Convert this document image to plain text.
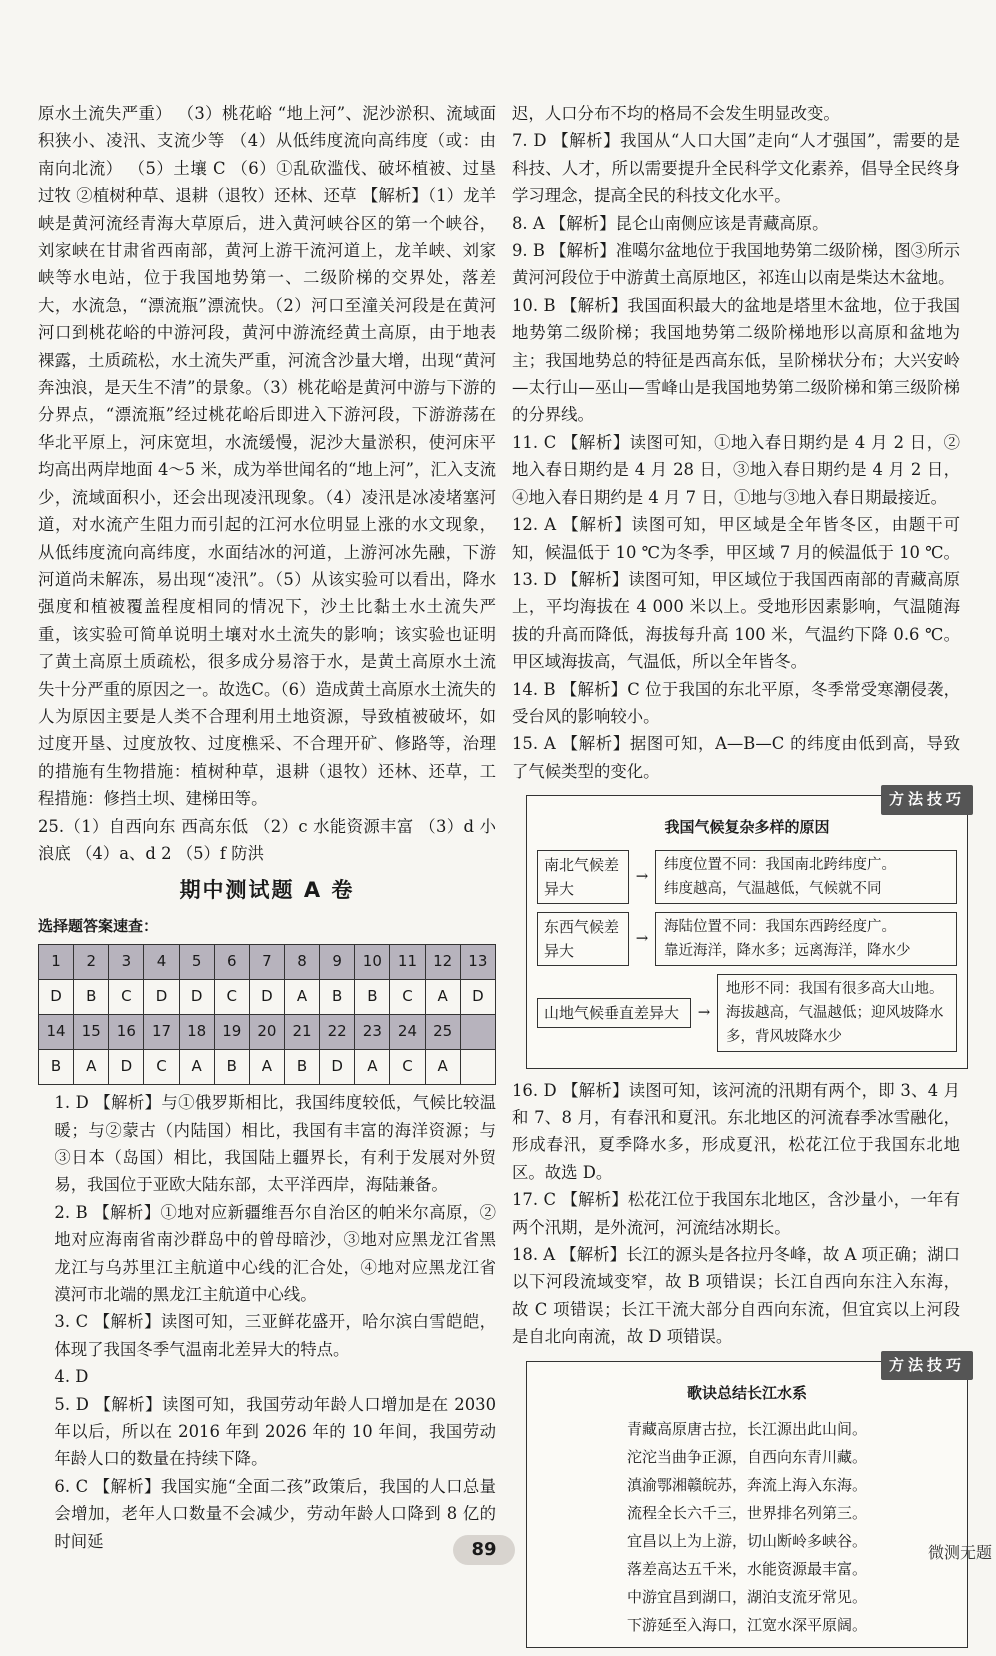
原水土流失严重） （3）桃花峪 “地上河”、泥沙淤积、流域面积狭小、凌汛、支流少等 （4）从低纬度流向高纬度（或：由南向北流） （5）土壤 C （6）①乱砍滥伐、破坏植被、过垦过牧 ②植树种草、退耕（退牧）还林、还草 【解析】（1）龙羊峡是黄河流经青海大草原后，进入黄河峡谷区的第一个峡谷，刘家峡在甘肃省西南部，黄河上游干流河道上，龙羊峡、刘家峡等水电站，位于我国地势第一、二级阶梯的交界处，落差大，水流急，“漂流瓶”漂流快。（2）河口至潼关河段是在黄河河口到桃花峪的中游河段，黄河中游流经黄土高原，由于地表裸露，土质疏松，水土流失严重，河流含沙量大增，出现“黄河奔浊浪，是天生不清”的景象。（3）桃花峪是黄河中游与下游的分界点，“漂流瓶”经过桃花峪后即进入下游河段，下游游荡在华北平原上，河床宽坦，水流缓慢，泥沙大量淤积，使河床平均高出两岸地面 4～5 米，成为举世闻名的“地上河”，汇入支流少，流域面积小，还会出现凌汛现象。（4）凌汛是冰凌堵塞河道，对水流产生阻力而引起的江河水位明显上涨的水文现象，从低纬度流向高纬度，水面结冰的河道，上游河冰先融，下游河道尚未解冻，易出现“凌汛”。（5）从该实验可以看出，降水强度和植被覆盖程度相同的情况下，沙土比黏土水土流失严重，该实验可简单说明土壤对水土流失的影响；该实验也证明了黄土高原土质疏松，很多成分易溶于水，是黄土高原水土流失十分严重的原因之一。故选C。（6）造成黄土高原水土流失的人为原因主要是人类不合理利用土地资源，导致植被破坏，如过度开垦、过度放牧、过度樵采、不合理开矿、修路等，治理的措施有生物措施：植树种草，退耕（退牧）还林、还草，工程措施：修挡土坝、建梯田等。

25.（1）自西向东 西高东低 （2）c 水能资源丰富 （3）d 小浪底 （4）a、d 2 （5）f 防洪

期中测试题 A 卷
选择题答案速查：
1	2	3	4	5	6	7	8	9	10	11	12	13
D	B	C	D	D	C	D	A	B	B	C	A	D
14	15	16	17	18	19	20	21	22	23	24	25	
B	A	D	C	A	B	A	B	D	A	C	A	

1. D 【解析】与①俄罗斯相比，我国纬度较低，气候比较温暖；与②蒙古（内陆国）相比，我国有丰富的海洋资源；与③日本（岛国）相比，我国陆上疆界长，有利于发展对外贸易，我国位于亚欧大陆东部，太平洋西岸，海陆兼备。

2. B 【解析】①地对应新疆维吾尔自治区的帕米尔高原，②地对应海南省南沙群岛中的曾母暗沙，③地对应黑龙江省黑龙江与乌苏里江主航道中心线的汇合处，④地对应黑龙江省漠河市北端的黑龙江主航道中心线。

3. C 【解析】读图可知，三亚鲜花盛开，哈尔滨白雪皑皑，体现了我国冬季气温南北差异大的特点。

4. D

5. D 【解析】读图可知，我国劳动年龄人口增加是在 2030 年以后，所以在 2016 年到 2026 年的 10 年间，我国劳动年龄人口的数量在持续下降。

6. C 【解析】我国实施“全面二孩”政策后，我国的人口总量会增加，老年人口数量不会减少，劳动年龄人口降到 8 亿的时间延

迟，人口分布不均的格局不会发生明显改变。

7. D 【解析】我国从“人口大国”走向“人才强国”，需要的是科技、人才，所以需要提升全民科学文化素养，倡导全民终身学习理念，提高全民的科技文化水平。

8. A 【解析】昆仑山南侧应该是青藏高原。

9. B 【解析】准噶尔盆地位于我国地势第二级阶梯，图③所示黄河河段位于中游黄土高原地区，祁连山以南是柴达木盆地。

10. B 【解析】我国面积最大的盆地是塔里木盆地，位于我国地势第二级阶梯；我国地势第二级阶梯地形以高原和盆地为主；我国地势总的特征是西高东低，呈阶梯状分布；大兴安岭—太行山—巫山—雪峰山是我国地势第二级阶梯和第三级阶梯的分界线。

11. C 【解析】读图可知，①地入春日期约是 4 月 2 日，②地入春日期约是 4 月 28 日，③地入春日期约是 4 月 2 日，④地入春日期约是 4 月 7 日，①地与③地入春日期最接近。

12. A 【解析】读图可知，甲区域是全年皆冬区，由题干可知，候温低于 10 ℃为冬季，甲区域 7 月的候温低于 10 ℃。

13. D 【解析】读图可知，甲区域位于我国西南部的青藏高原上，平均海拔在 4 000 米以上。受地形因素影响，气温随海拔的升高而降低，海拔每升高 100 米，气温约下降 0.6 ℃。甲区域海拔高，气温低，所以全年皆冬。

14. B 【解析】C 位于我国的东北平原，冬季常受寒潮侵袭，受台风的影响较小。

15. A 【解析】据图可知，A—B—C 的纬度由低到高，导致了气候类型的变化。

方法技巧
我国气候复杂多样的原因
南北气候差异大
→
纬度位置不同：我国南北跨纬度广。
纬度越高，气温越低，气候就不同
东西气候差异大
→
海陆位置不同：我国东西跨经度广。
靠近海洋，降水多；远离海洋，降水少
山地气候垂直差异大	→
地形不同：我国有很多高大山地。海拔越高，气温越低；迎风坡降水多，背风坡降水少

16. D 【解析】读图可知，该河流的汛期有两个，即 3、4 月和 7、8 月，有春汛和夏汛。东北地区的河流春季冰雪融化，形成春汛，夏季降水多，形成夏汛，松花江位于我国东北地区。故选 D。

17. C 【解析】松花江位于我国东北地区，含沙量小，一年有两个汛期，是外流河，河流结冰期长。

18. A 【解析】长江的源头是各拉丹冬峰，故 A 项正确；湖口以下河段流域变窄，故 B 项错误；长江自西向东注入东海，故 C 项错误；长江干流大部分自西向东流，但宜宾以上河段是自北向南流，故 D 项错误。

方法技巧
歌诀总结长江水系
青藏高原唐古拉，长江源出此山间。
沱沱当曲争正源，自西向东青川藏。
滇渝鄂湘赣皖苏，奔流上海入东海。
流程全长六千三，世界排名列第三。
宜昌以上为上游，切山断岭多峡谷。
落差高达五千米，水能资源最丰富。
中游宜昌到湖口，湖泊支流牙常见。
下游延至入海口，江宽水深平原阔。
89	微测无题
